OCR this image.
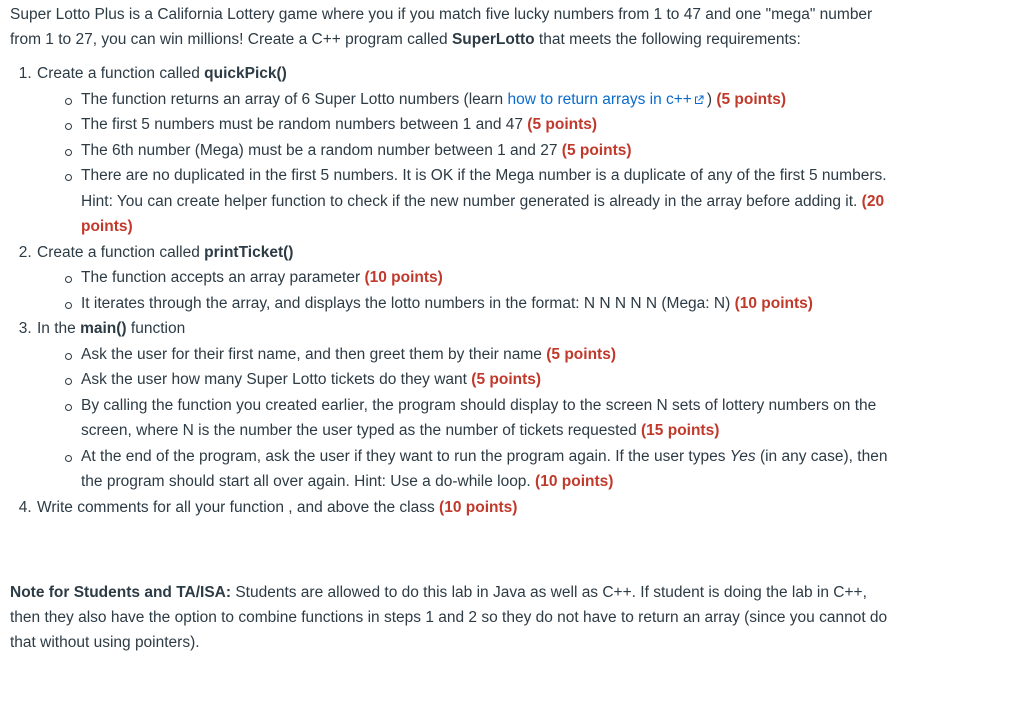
Super Lotto Plus is a California Lottery game where you if you match five lucky numbers from 1 to 47 and one "mega" number from 1 to 27, you can win millions! Create a C++ program called SuperLotto that meets the following requirements:

1. Create a function called quickPick()
The function returns an array of 6 Super Lotto numbers (learn how to return arrays in c++ ) (5 points)
The first 5 numbers must be random numbers between 1 and 47 (5 points)
The 6th number (Mega) must be a random number between 1 and 27 (5 points)
There are no duplicated in the first 5 numbers. It is OK if the Mega number is a duplicate of any of the first 5 numbers. Hint: You can create helper function to check if the new number generated is already in the array before adding it. (20 points)
2. Create a function called printTicket()
The function accepts an array parameter (10 points)
It iterates through the array, and displays the lotto numbers in the format: N N N N N (Mega: N) (10 points)
3. In the main() function
Ask the user for their first name, and then greet them by their name (5 points)
Ask the user how many Super Lotto tickets do they want (5 points)
By calling the function you created earlier, the program should display to the screen N sets of lottery numbers on the screen, where N is the number the user typed as the number of tickets requested (15 points)
At the end of the program, ask the user if they want to run the program again. If the user types Yes (in any case), then the program should start all over again. Hint: Use a do-while loop. (10 points)
4. Write comments for all your function , and above the class (10 points)

Note for Students and TA/ISA: Students are allowed to do this lab in Java as well as C++. If student is doing the lab in C++, then they also have the option to combine functions in steps 1 and 2 so they do not have to return an array (since you cannot do that without using pointers).
